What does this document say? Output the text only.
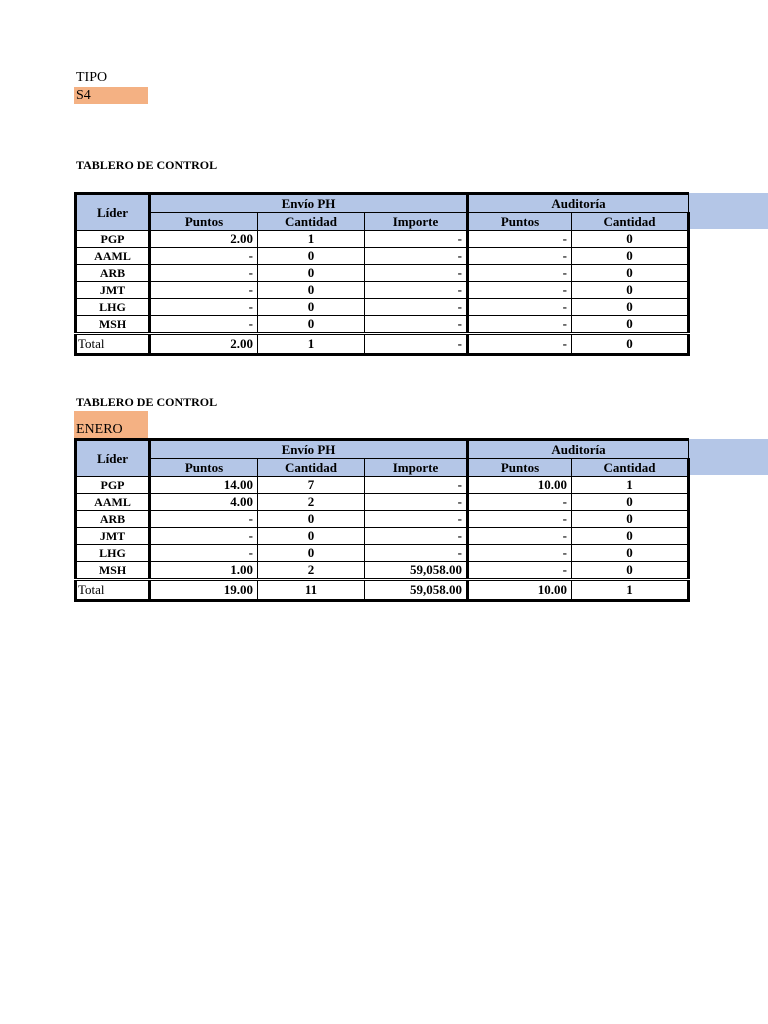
TIPO
S4
TABLERO DE CONTROL
Líder	Envío PH			Auditoría	
	Puntos	Cantidad	Importe	Puntos	Cantidad
PGP	2.00	1	-	-	0
AAML	-	0	-	-	0
ARB	-	0	-	-	0
JMT	-	0	-	-	0
LHG	-	0	-	-	0
MSH	-	0	-	-	0
Total	2.00	1	-	-	0
TABLERO DE CONTROL
ENERO
Líder	Envío PH			Auditoría	
	Puntos	Cantidad	Importe	Puntos	Cantidad
PGP	14.00	7	-	10.00	1
AAML	4.00	2	-	-	0
ARB	-	0	-	-	0
JMT	-	0	-	-	0
LHG	-	0	-	-	0
MSH	1.00	2	59,058.00	-	0
Total	19.00	11	59,058.00	10.00	1
